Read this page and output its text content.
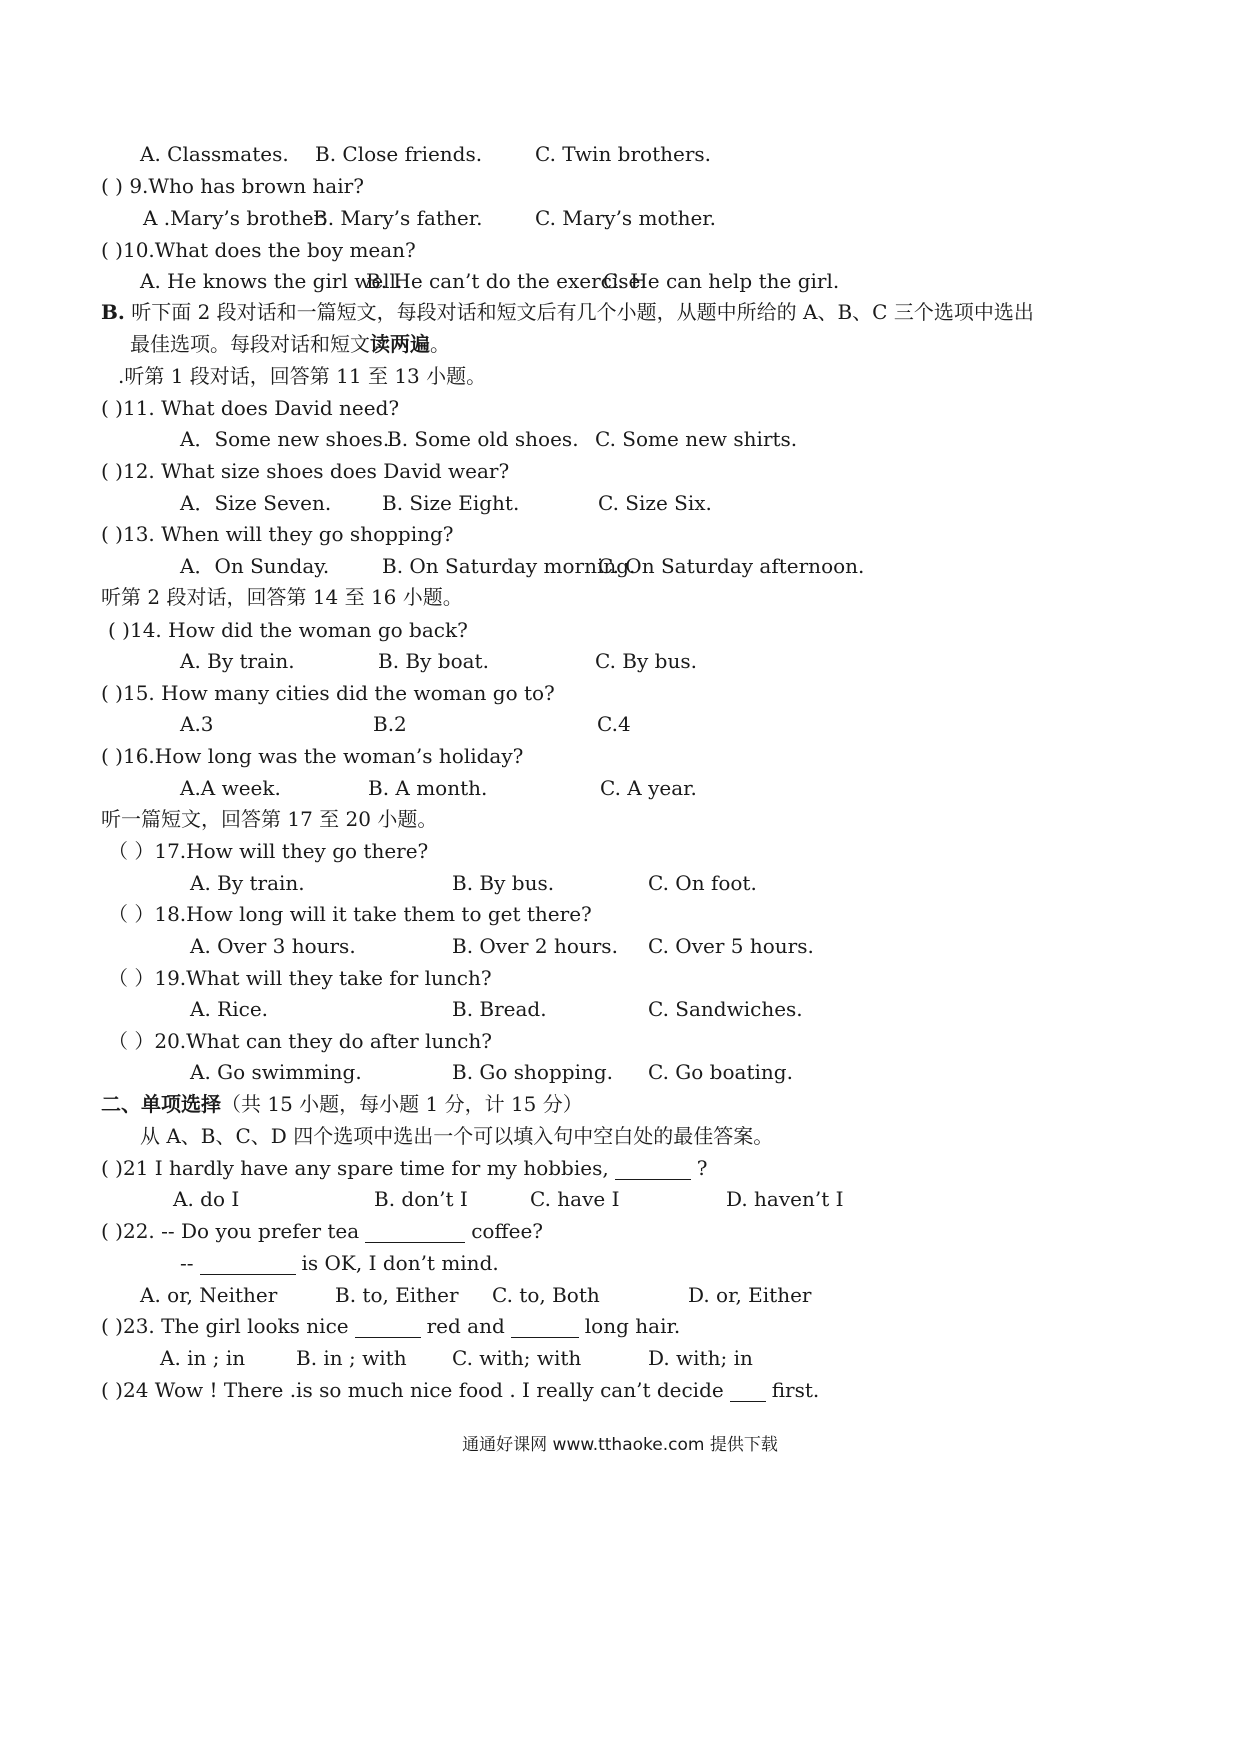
A. Classmates. B. Close friends.	C. Twin brothers.
( ) 9.Who has brown hair?
A .Mary’s brother.
B. Mary’s father.	C. Mary’s mother.
( )10.What does the boy mean?
A. He knows the girl well.
B. He can’t do the exercise.
C. He can help the girl.
B. 听下面 2 段对话和一篇短文，每段对话和短文后有几个小题，从题中所给的 A、B、C 三个选项中选出
最佳选项。每段对话和短文读两遍。
.听第 1 段对话，回答第 11 至 13 小题。
( )11. What does David need?
A．Some new shoes.
B. Some old shoes. C. Some new shirts.
( )12. What size shoes does David wear?
A．Size Seven.	B. Size Eight.	C. Size Six.
( )13. When will they go shopping?
A．On Sunday.	B. On Saturday morning.
C. On Saturday afternoon.
听第 2 段对话，回答第 14 至 16 小题。
( )14. How did the woman go back?
A. By train.	B. By boat.	C. By bus.
( )15. How many cities did the woman go to?
A.3	B.2	C.4
( )16.How long was the woman’s holiday?
A.A week.	B. A month.	C. A year.
听一篇短文，回答第 17 至 20 小题。
（ ）17.How will they go there?
A. By train.	B. By bus.	C. On foot.
（ ）18.How long will it take them to get there?
A. Over 3 hours.	B. Over 2 hours. C. Over 5 hours.
（ ）19.What will they take for lunch?
A. Rice.	B. Bread.	C. Sandwiches.
（ ）20.What can they do after lunch?
A. Go swimming.	B. Go shopping. C. Go boating.
二、单项选择（共 15 小题，每小题 1 分，计 15 分）
从 A、B、C、D 四个选项中选出一个可以填入句中空白处的最佳答案。
( )21 I hardly have any spare time for my hobbies,	?
A. do I	B. don’t I	C. have I	D. haven’t I
( )22. -- Do you prefer tea	coffee?
--	is OK, I don’t mind.
A. or, Neither	B. to, Either C. to, Both	D. or, Either
( )23. The girl looks nice	red and	long hair.
A. in ; in	B. in ; with C. with; with	D. with; in
( )24 Wow ! There .is so much nice food . I really can’t decide first.
通通好课网 www.tthaoke.com 提供下载
